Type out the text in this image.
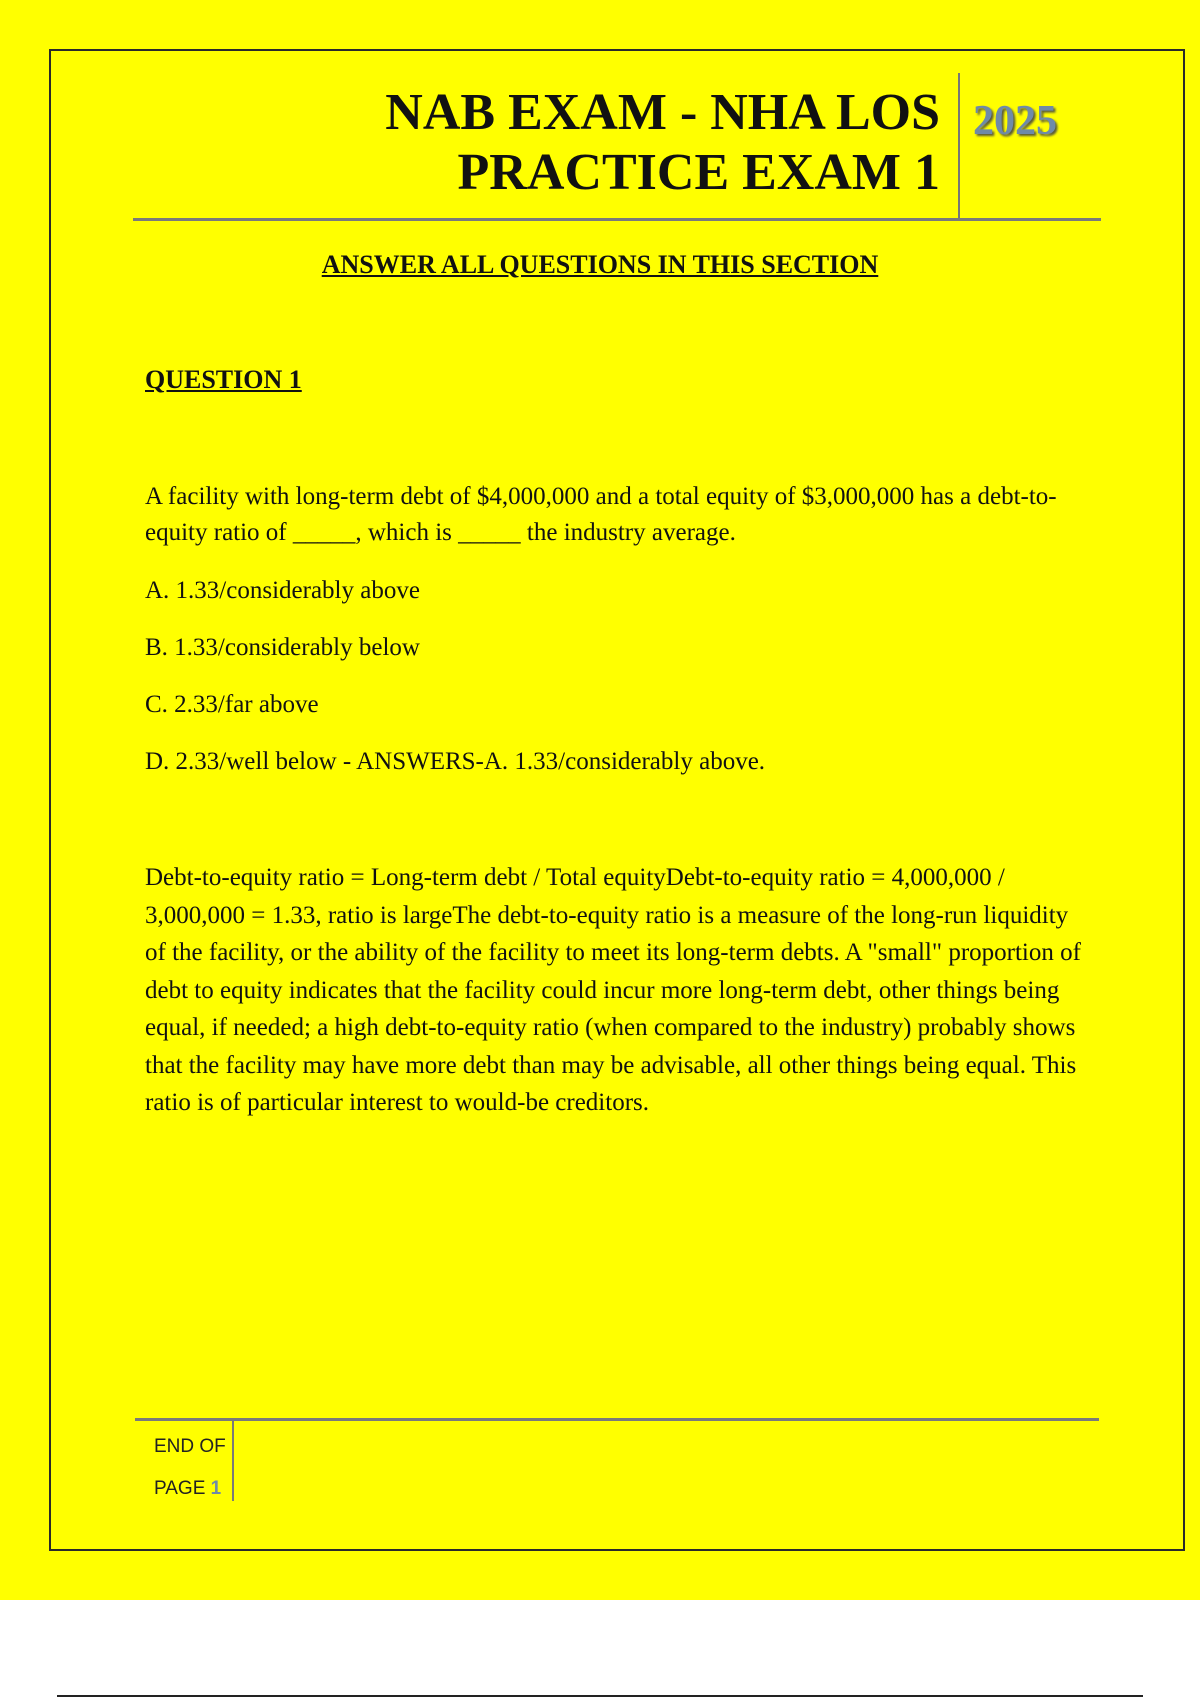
NAB EXAM - NHA LOS
PRACTICE EXAM 1
2025
ANSWER ALL QUESTIONS IN THIS SECTION
QUESTION 1
A facility with long-term debt of $4,000,000 and a total equity of $3,000,000 has a debt-to-equity ratio of _____, which is _____ the industry average.
A. 1.33/considerably above
B. 1.33/considerably below
C. 2.33/far above
D. 2.33/well below - ANSWERS-A. 1.33/considerably above.
Debt-to-equity ratio = Long-term debt / Total equityDebt-to-equity ratio = 4,000,000 / 3,000,000 = 1.33, ratio is largeThe debt-to-equity ratio is a measure of the long-run liquidity of the facility, or the ability of the facility to meet its long-term debts. A "small" proportion of debt to equity indicates that the facility could incur more long-term debt, other things being equal, if needed; a high debt-to-equity ratio (when compared to the industry) probably shows that the facility may have more debt than may be advisable, all other things being equal. This ratio is of particular interest to would-be creditors.
END OF
PAGE 1
